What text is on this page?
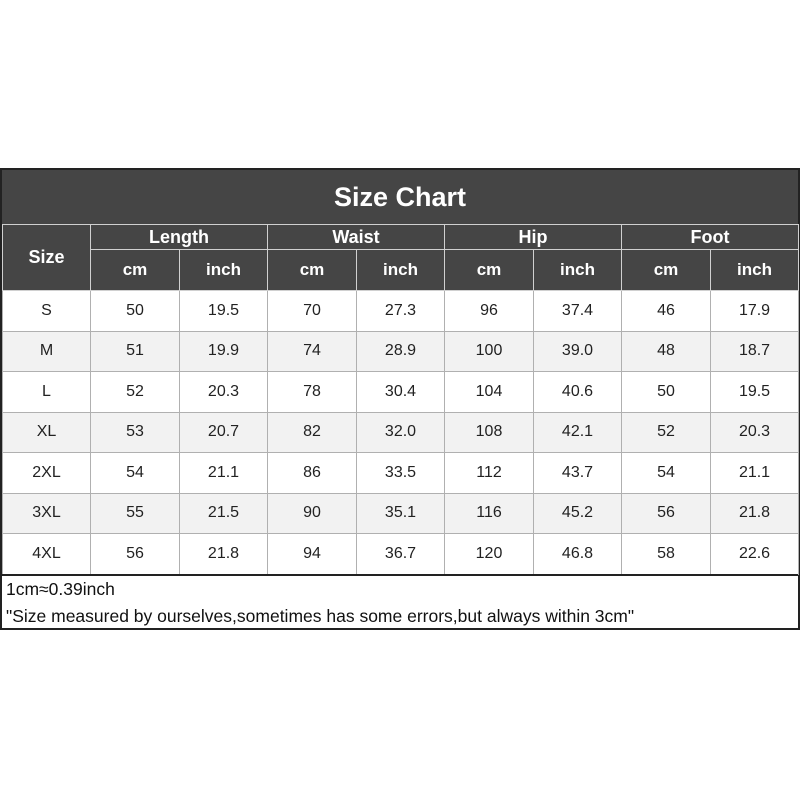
Size Chart
Size	Length		Waist		Hip		Foot	
	cm	inch	cm	inch	cm	inch	cm	inch
S	50	19.5	70	27.3	96	37.4	46	17.9
M	51	19.9	74	28.9	100	39.0	48	18.7
L	52	20.3	78	30.4	104	40.6	50	19.5
XL	53	20.7	82	32.0	108	42.1	52	20.3
2XL	54	21.1	86	33.5	112	43.7	54	21.1
3XL	55	21.5	90	35.1	116	45.2	56	21.8
4XL	56	21.8	94	36.7	120	46.8	58	22.6
1cm≈0.39inch
"Size measured by ourselves,sometimes has some errors,but always within 3cm"
